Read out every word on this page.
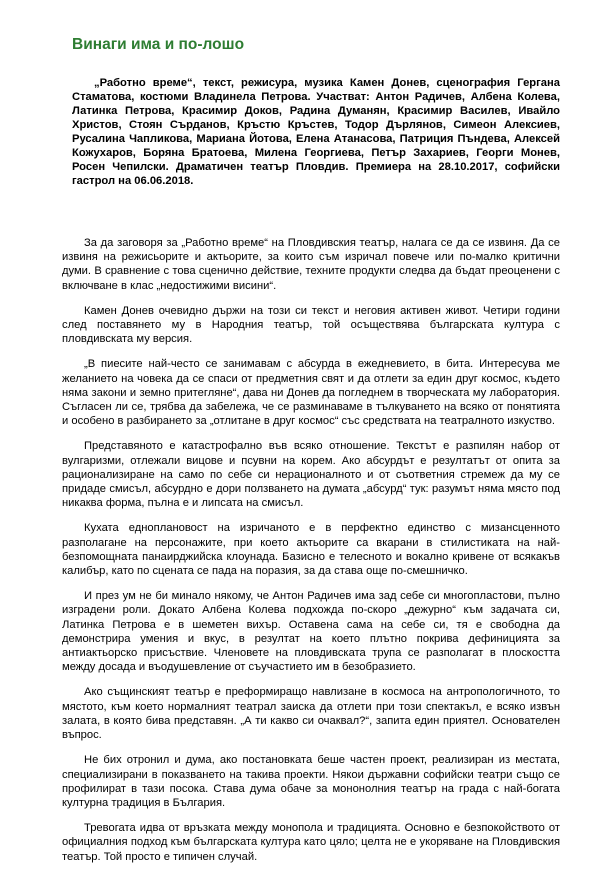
Винаги има и по-лошо

„Работно време“, текст, режисура, музика Камен Донев, сценография Гергана Стаматова, костюми Владинела Петрова. Участват: Антон Радичев, Албена Колева, Латинка Петрова, Красимир Доков, Радина Думанян, Красимир Василев, Ивайло Христов, Стоян Сърданов, Кръстю Кръстев, Тодор Дърлянов, Симеон Алексиев, Русалина Чапликова, Мариана Йотова, Елена Атанасова, Патриция Пъндева, Алексей Кожухаров, Боряна Братоева, Милена Георгиева, Петър Захариев, Георги Монев, Росен Чепилски. Драматичен театър Пловдив. Премиера на 28.10.2017, софийски гастрол на 06.06.2018.

За да заговоря за „Работно време“ на Пловдивския театър, налага се да се извиня. Да се извиня на режисьорите и актьорите, за които съм изричал повече или по-малко критични думи. В сравнение с това сценично действие, техните продукти следва да бъдат преоценени с включване в клас „недостижими висини“.

Камен Донев очевидно държи на този си текст и неговия активен живот. Четири години след поставянето му в Народния театър, той осъществява българската култура с пловдивската му версия.

„В пиесите най-често се занимавам с абсурда в ежедневието, в бита. Интересува ме желанието на човека да се спаси от предметния свят и да отлети за един друг космос, където няма закони и земно притегляне“, дава ни Донев да погледнем в творческата му лаборатория. Съгласен ли се, трябва да забележа, че се разминаваме в тълкуването на всяко от понятията и особено в разбирането за „отлитане в друг космос“ със средствата на театралното изкуство.

Представяното е катастрофално във всяко отношение. Текстът е разпилян набор от вулгаризми, отлежали вицове и псувни на корем. Ако абсурдът е резултатът от опита за рационализиране на само по себе си нерационалното и от съответния стремеж да му се придаде смисъл, абсурдно е дори ползването на думата „абсурд“ тук: разумът няма място под никаква форма, пълна е и липсата на смисъл.

Кухата едноплановост на изричаното е в перфектно единство с мизансценното разполагане на персонажите, при което актьорите са вкарани в стилистиката на най-безпомощната панаирджийска клоунада. Базисно е телесното и вокално кривене от всякакъв калибър, като по сцената се пада на поразия, за да става още по-смешничко.

И през ум не би минало някому, че Антон Радичев има зад себе си многопластови, пълно изградени роли. Докато Албена Колева подхожда по-скоро „дежурно“ към задачата си, Латинка Петрова е в шеметен вихър. Оставена сама на себе си, тя е свободна да демонстрира умения и вкус, в резултат на което плътно покрива дефиницията за антиактьорско присъствие. Членовете на пловдивската трупа се разполагат в плоскостта между досада и въодушевление от съучастието им в безобразието.

Ако същинският театър е преформиращо навлизане в космоса на антропологичното, то мястото, към което нормалният театрал заиска да отлети при този спектакъл, е всяко извън залата, в която бива представян. „А ти какво си очаквал?“, запита един приятел. Основателен въпрос.

Не бих отронил и дума, ако постановката беше частен проект, реализиран из местата, специализирани в показването на такива проекти. Някои държавни софийски театри също се профилират в тази посока. Става дума обаче за мононолния театър на града с най-богата културна традиция в България.

Тревогата идва от връзката между монопола и традицията. Основно е безпокойството от официалния подход към българската култура като цяло; целта не е укоряване на Пловдивския театър. Той просто е типичен случай.
